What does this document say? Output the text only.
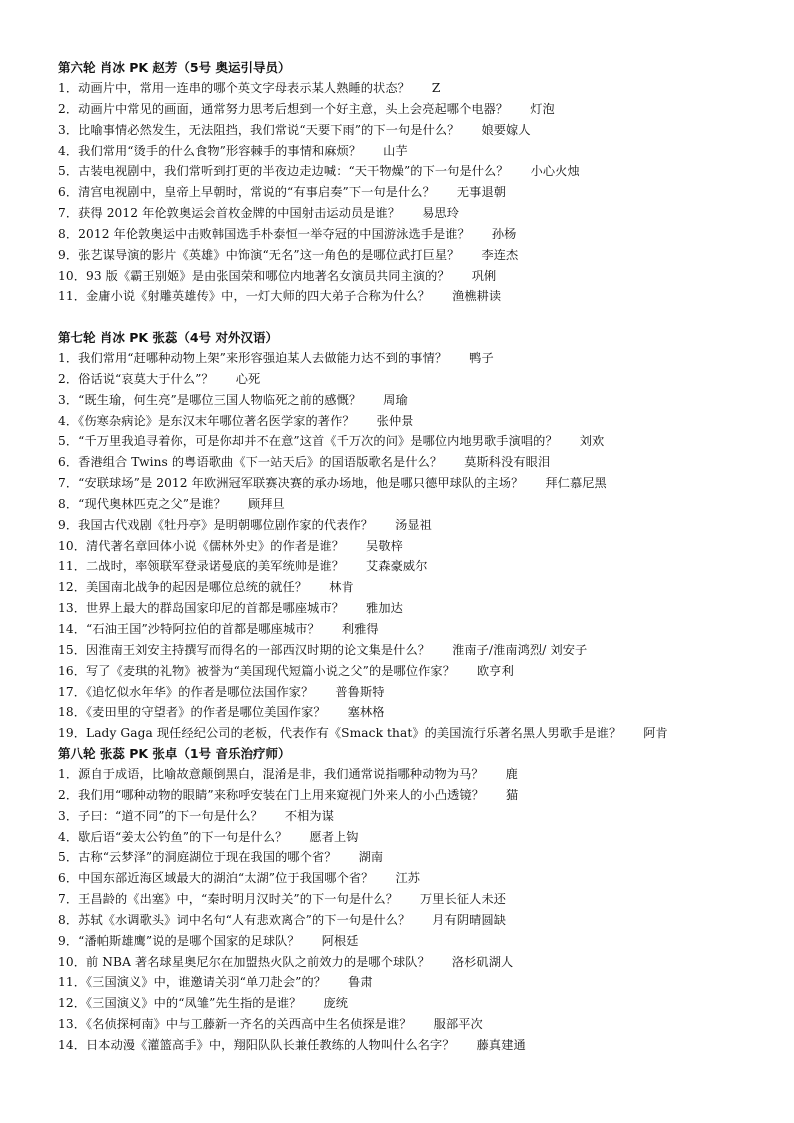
第六轮 肖冰 PK 赵芳（5号 奥运引导员）
1．动画片中，常用一连串的哪个英文字母表示某人熟睡的状态？ Z
2．动画片中常见的画面，通常努力思考后想到一个好主意，头上会亮起哪个电器？ 灯泡
3．比喻事情必然发生，无法阻挡，我们常说“天要下雨”的下一句是什么？ 娘要嫁人
4．我们常用“烫手的什么食物”形容棘手的事情和麻烦？ 山芋
5．古装电视剧中，我们常听到打更的半夜边走边喊：“天干物燥”的下一句是什么？ 小心火烛
6．清宫电视剧中，皇帝上早朝时，常说的“有事启奏”下一句是什么？ 无事退朝
7．获得 2012 年伦敦奥运会首枚金牌的中国射击运动员是谁？ 易思玲
8．2012 年伦敦奥运中击败韩国选手朴泰恒一举夺冠的中国游泳选手是谁？ 孙杨
9．张艺谋导演的影片《英雄》中饰演“无名”这一角色的是哪位武打巨星？ 李连杰
10．93 版《霸王别姬》是由张国荣和哪位内地著名女演员共同主演的？ 巩俐
11．金庸小说《射雕英雄传》中，一灯大师的四大弟子合称为什么？ 渔樵耕读
第七轮 肖冰 PK 张蕊（4号 对外汉语）
1．我们常用“赶哪种动物上架”来形容强迫某人去做能力达不到的事情？ 鸭子
2．俗话说“哀莫大于什么”？ 心死
3．“既生瑜，何生亮”是哪位三国人物临死之前的感慨？ 周瑜
4．《伤寒杂病论》是东汉末年哪位著名医学家的著作？ 张仲景
5．“千万里我追寻着你，可是你却并不在意”这首《千万次的问》是哪位内地男歌手演唱的？ 刘欢
6．香港组合 Twins 的粤语歌曲《下一站天后》的国语版歌名是什么？ 莫斯科没有眼泪
7．“安联球场”是 2012 年欧洲冠军联赛决赛的承办场地，他是哪只德甲球队的主场？ 拜仁慕尼黑
8．“现代奥林匹克之父”是谁？ 顾拜旦
9．我国古代戏剧《牡丹亭》是明朝哪位剧作家的代表作？ 汤显祖
10．清代著名章回体小说《儒林外史》的作者是谁？ 吴敬梓
11．二战时，率领联军登录诺曼底的美军统帅是谁？ 艾森豪威尔
12．美国南北战争的起因是哪位总统的就任？ 林肯
13．世界上最大的群岛国家印尼的首都是哪座城市？ 雅加达
14．“石油王国”沙特阿拉伯的首都是哪座城市？ 利雅得
15．因淮南王刘安主持撰写而得名的一部西汉时期的论文集是什么？ 淮南子/淮南鸿烈/ 刘安子
16．写了《麦琪的礼物》被誉为“美国现代短篇小说之父”的是哪位作家？ 欧亨利
17．《追忆似水年华》的作者是哪位法国作家？ 普鲁斯特
18．《麦田里的守望者》的作者是哪位美国作家？ 塞林格
19．Lady Gaga 现任经纪公司的老板，代表作有《Smack that》的美国流行乐著名黑人男歌手是谁？ 阿肯
第八轮 张蕊 PK 张卓（1号 音乐治疗师）
1．源自于成语，比喻故意颠倒黑白，混淆是非，我们通常说指哪种动物为马？ 鹿
2．我们用“哪种动物的眼睛”来称呼安装在门上用来窥视门外来人的小凸透镜？ 猫
3．子曰：“道不同”的下一句是什么？ 不相为谋
4．歇后语“姜太公钓鱼”的下一句是什么？ 愿者上钩
5．古称“云梦泽”的洞庭湖位于现在我国的哪个省？ 湖南
6．中国东部近海区域最大的湖泊“太湖”位于我国哪个省？ 江苏
7．王昌龄的《出塞》中，“秦时明月汉时关”的下一句是什么？ 万里长征人未还
8．苏轼《水调歌头》词中名句“人有悲欢离合”的下一句是什么？ 月有阴晴圆缺
9．“潘帕斯雄鹰”说的是哪个国家的足球队？ 阿根廷
10．前 NBA 著名球星奥尼尔在加盟热火队之前效力的是哪个球队？ 洛杉矶湖人
11．《三国演义》中，谁邀请关羽“单刀赴会”的？ 鲁肃
12．《三国演义》中的“凤雏”先生指的是谁？ 庞统
13．《名侦探柯南》中与工藤新一齐名的关西高中生名侦探是谁？ 服部平次
14．日本动漫《灌篮高手》中，翔阳队队长兼任教练的人物叫什么名字？ 藤真建通
